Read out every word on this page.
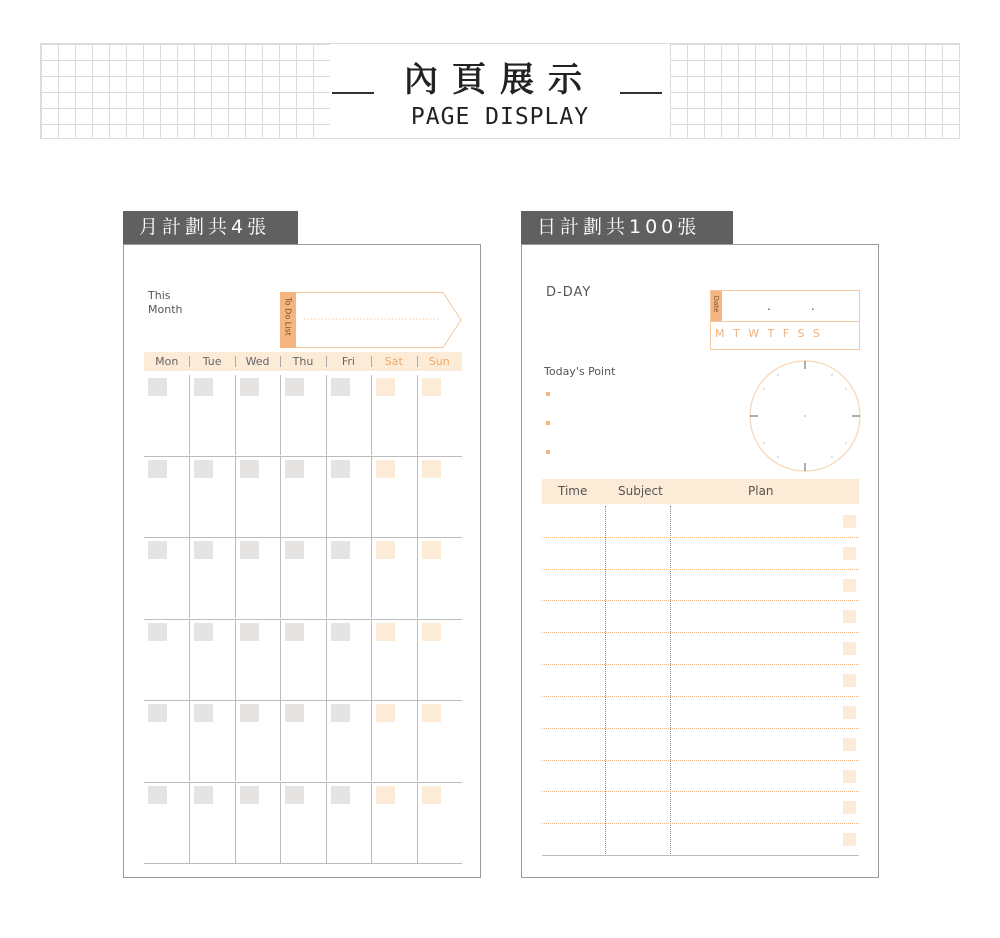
內頁展示
PAGE DISPLAY
月計劃共4張
This
Month	To Do List
Mon	Tue	Wed	Thu	Fri	Sat	Sun
日計劃共100張
D-DAY
Date	..
MTWTFSS
Today's Point
Time	Subject	Plan
